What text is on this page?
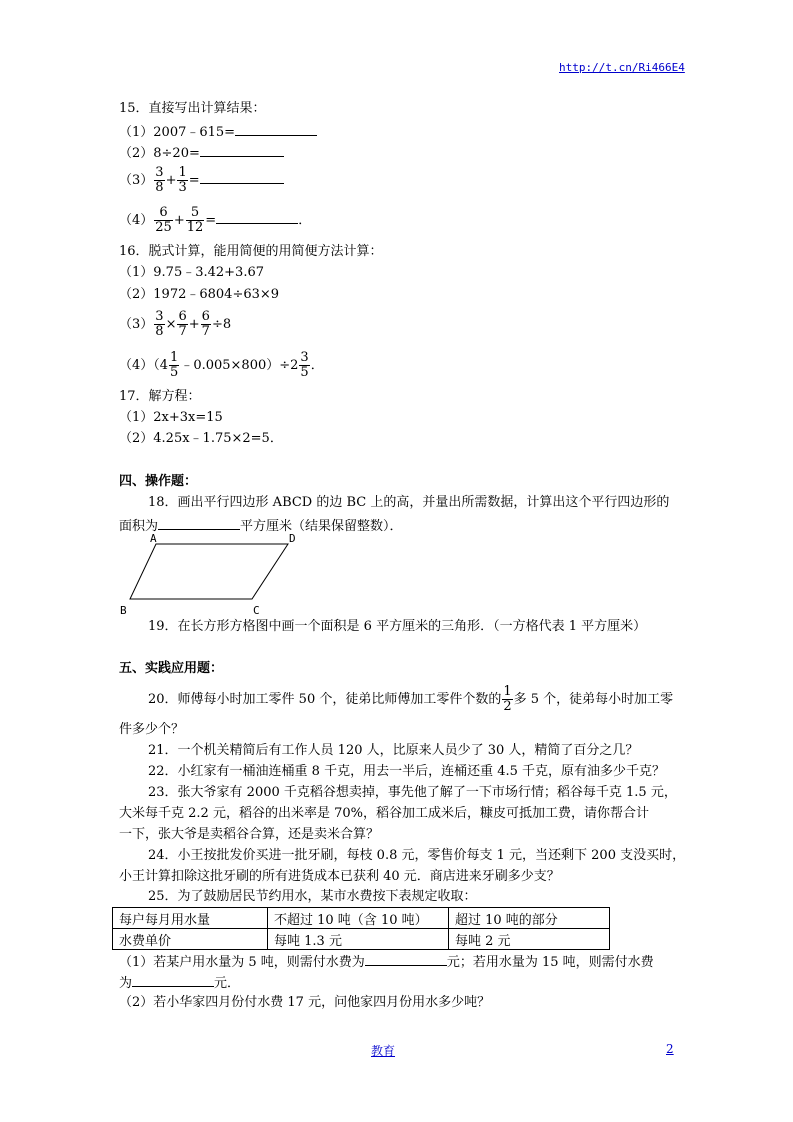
http://t.cn/Ri466E4
15．直接写出计算结果：
（1）2007﹣615=
（2）8÷20=
$(3) \frac{3}{8} + \frac{1}{3}$ =
$(4) \frac{6}{25} + \frac{5}{12}$ =	．
16．脱式计算，能用简便的用简便方法计算：
（1）9.75﹣3.42+3.67
（2）1972﹣6804÷63×9
$(3) \frac{3}{8} \times \frac{6}{7} + \frac{6}{7} \div 8$
$(4)(4 \frac{1}{5}$ ﹣0.005×800）÷2 $\frac{3}{5}$ ．
17．解方程：
（1）2x+3x=15
（2）4.25x﹣1.75×2=5．
四、操作题：
18．画出平行四边形 ABCD 的边 BC 上的高，并量出所需数据，计算出这个平行四边形的
面积为	平方厘米（结果保留整数）．
A	D
B	C
19．在长方形方格图中画一个面积是 6 平方厘米的三角形．（一方格代表 1 平方厘米）
五、实践应用题：
20．师傅每小时加工零件 50 个，徒弟比师傅加工零件个数的 $\frac{1}{2}$ 多 5 个，徒弟每小时加工零
件多少个？
21．一个机关精简后有工作人员 120 人，比原来人员少了 30 人，精简了百分之几？
22．小红家有一桶油连桶重 8 千克，用去一半后，连桶还重 4.5 千克，原有油多少千克？
23．张大爷家有 2000 千克稻谷想卖掉，事先他了解了一下市场行情；稻谷每千克 1.5 元，
大米每千克 2.2 元，稻谷的出米率是 70%，稻谷加工成米后，糠皮可抵加工费，请你帮合计
一下，张大爷是卖稻谷合算，还是卖米合算？
24．小王按批发价买进一批牙刷，每枝 0.8 元，零售价每支 1 元，当还剩下 200 支没买时，
小王计算扣除这批牙刷的所有进货成本已获利 40 元．商店进来牙刷多少支？
25．为了鼓励居民节约用水，某市水费按下表规定收取：
每户每月用水量	不超过 10 吨（含 10 吨）	超过 10 吨的部分
水费单价	每吨 1.3 元	每吨 2 元
（1）若某户用水量为 5 吨，则需付水费为	元；若用水量为 15 吨，则需付水费
为	元．
（2）若小华家四月份付水费 17 元，问他家四月份用水多少吨？
教育	2
